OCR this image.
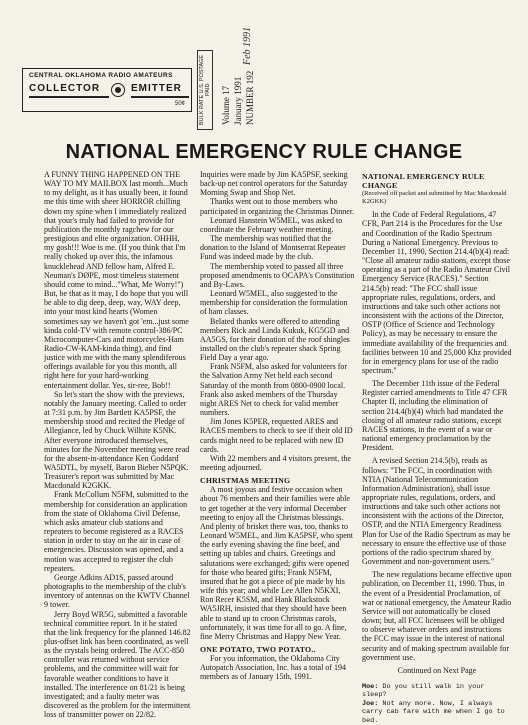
CENTRAL OKLAHOMA RADIO AMATEURS
COLLECTOR	EMITTER
50¢	BULK RATE U.S. POSTAGE PAID Volume 17 January 1991 NUMBER 192
Feb 1991
NATIONAL EMERGENCY RULE CHANGE

A FUNNY THING HAPPENED ON THE WAY TO MY MAILBOX last month...Much to my delight, as it has usually been, it found me this time with sheer HORROR chilling down my spine when I immediately realized that your's truly had failed to provide for publication the monthly ragchew for our prestigious and elite organization. OHHH, my gosh!!! Woe is me. (If you think that I'm really choked up over this, the infamous knucklehead AND fellow ham, Alfred E. Neuman's DØPE, most timeless statement should come to mind..."What, Me Worry!") But, be that as it may, I do hope that you will be able to dig deep, deep, way, WAY deep, into your most kind hearts (Women sometimes say we haven't got 'em...just some kinda cold-TV with remote control-386/PC Microcomputer-Cars and motorcycles-Ham Radio-CW-KAM-kinda thing), and find justice with me with the many splendiferous offerings available for you this month, all right here for your hard-working entertainment dollar. Yes, sir-ree, Bob!!

So let's start the show with the previews, notably the January meeting. Called to order at 7:31 p.m. by Jim Bartlett KA5PSF, the membership stood and recited the Pledge of Allegiance, led by Chuck Wilhite K5NK. After everyone introduced themselves, minutes for the November meeting were read for the absent-in-attendance Ken Goddard WA5DTL, by myself, Baron Bieber N5PQK. Treasurer's report was submitted by Mac Macdonald K2GKK.

Frank McCollum N5FM, submitted to the membership for consideration an application from the state of Oklahoma Civil Defense, which asks amateur club stations and repeaters to become registered as a RACES station in order to stay on the air in case of emergencies. Discussion was opened, and a motion was accepted to register the club repeaters.

George Adkins AD1S, passed around photographs to the membership of the club's inventory of antennas on the KWTV Channel 9 tower.

Jerry Boyd WR5G, submitted a favorable technical committee report. In it he stated that the link frequency for the planned 146.82 plus-offset link has been coordinated, as well as the crystals being ordered. The ACC-850 controller was returned without service problems, and the committee will wait for favorable weather conditions to have it installed. The interference on 81/21 is being investigated; and a faulty meter was discovered as the problem for the intermittent loss of transmitter power on 22/82.

Inquiries were made by Jim KA5PSF, seeking back-up net control operators for the Saturday Morning Swap and Shop Net.

Thanks went out to those members who participated in organizing the Christmas Dinner.

Leonard Hanstein W5MEL, was asked to coordinate the February weather meeting.

The membership was notified that the donation to the Island of Montserrat Repeater Fund was indeed made by the club.

The membership voted to passed all three proposed amendments to OCAPA's Constitution and By-Laws.

Leonard W5MEL, also suggested to the membership for consideration the formulation of ham classes.

Belated thanks were offered to attending members Rick and Linda Kukuk, KG5GD and AA5GS, for their donation of the roof shingles installed on the club's repeater shack Spring Field Day a year ago.

Frank N5FM, also asked for volunteers for the Salvation Army Net held each second Saturday of the month from 0800-0900 local. Frank also asked members of the Thursday night ARES Net to check for valid member numbers.

Jim Jones K5PER, requested ARES and RACES members to check to see if their old ID cards might need to be replaced with new ID cards.

With 22 members and 4 visitors present, the meeting adjourned.

CHRISTMAS MEETING

A most joyous and festive occasion when about 76 members and their families were able to get together at the very informal December meeting to enjoy all the Christmas blessings. And plenty of brisket there was, too, thanks to Leonard W5MEL, and Jim KA5PSF, who spent the early evening shaving the fine beef, and setting up tables and chairs. Greetings and salutations were exchanged; gifts were opened for those who beared gifts; Frank N5FM, insured that he got a piece of pie made by his wife this year; and while Lee Allen N5KXI, Ron Recer K5SM, and Hank Blackstock WA5JRH, insisted that they should have been able to stand up to croon Christmas carols, unfortunately, it was time for all to go. A fine, fine Merry Christmas and Happy New Year.

ONE POTATO, TWO POTATO..

For you information, the Oklahoma City Autopatch Association, Inc. has a total of 194 members as of January 15th, 1991.

NATIONAL EMERGENCY RULE CHANGE

(Received off packet and submitted by Mac Macdonald K2GKK)

In the Code of Federal Regulations, 47 CFR, Part 214 is the Procedures for the Use and Coordination of the Radio Spectrum During a National Emergency. Previous to December 11, 1990, Section 214.4(b)(4) read: "Close all amateur radio stations, except those operating as a part of the Radio Amateur Civil Emergency Service (RACES)." Section 214.5(b) read: "The FCC shall issue appropriate rules, regulations, orders, and instructions and take such other actions not inconsistent with the actions of the Director, OSTP (Office of Science and Technology Policy), as may be necessary to ensure the immediate availability of the frequencies and facilities between 10 and 25,000 Khz provided for in emergency plans for use of the radio spectrum."

The December 11th issue of the Federal Register carried amendments to Title 47 CFR Chapter II, including the elimination of section 214.4(b)(4) which had mandated the closing of all amateur radio stations, except RACES stations, in the event of a war or national emergency proclamation by the President.

A revised Section 214.5(b), reads as follows: "The FCC, in coordination with NTIA (National Telecommunication Information Administration), shall issue appropriate rules, regulations, orders, and instructions and take such other actions not inconsistent with the actions of the Director, OSTP, and the NTIA Emergency Readiness Plan for Use of the Radio Spectrum as may be necessary to ensure the effective use of those portions of the radio spectrum shared by Government and non-government users."

The new regulations became effective upon publication, on December 11, 1990. Thus, in the event of a Presidential Proclamation, of war or national emergency, the Amateur Radio Service will not automatically be closed down; but, all FCC licensees will be obliged to observe whatever orders and instructions the FCC may issue in the interest of national security and of making spectrum available for government use.

Continued on Next Page

Moe: Do you still walk in your sleep?

Joe: Not any more. Now, I always carry cab fare with me when I go to bed.
